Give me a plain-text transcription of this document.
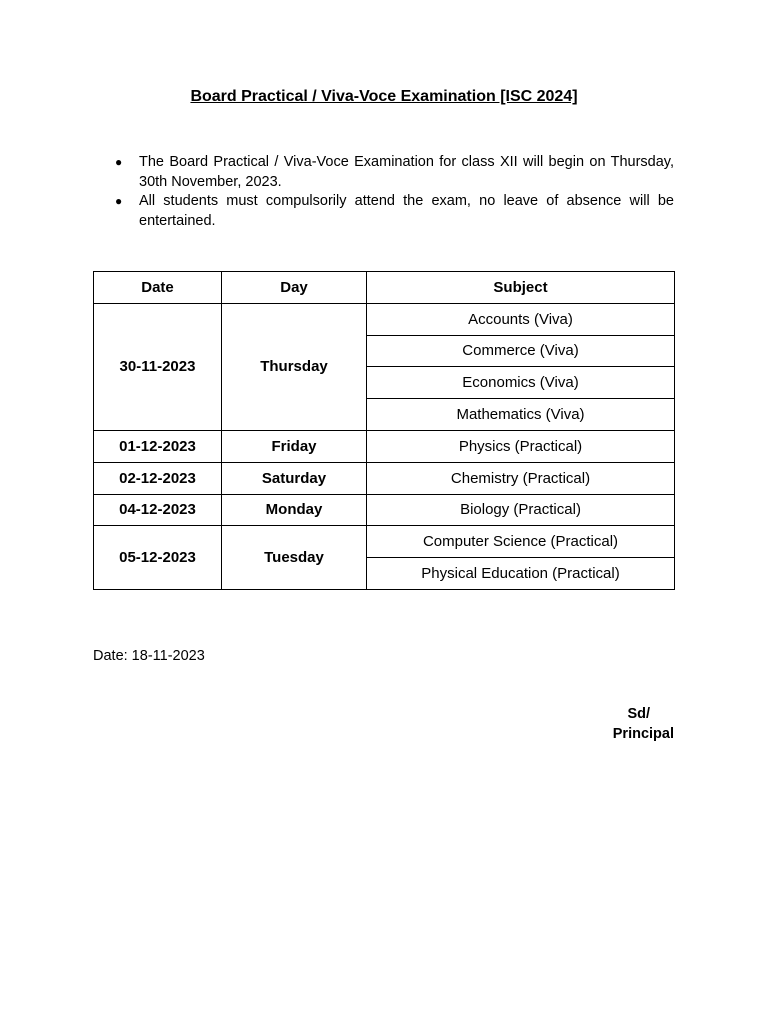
Board Practical / Viva-Voce Examination [ISC 2024]
● The Board Practical / Viva-Voce Examination for class XII will begin on Thursday, 30th November, 2023.
● All students must compulsorily attend the exam, no leave of absence will be entertained.
Date	Day	Subject
30-11-2023	Thursday	Accounts (Viva)
		Commerce (Viva)
		Economics (Viva)
		Mathematics (Viva)
01-12-2023	Friday	Physics (Practical)
02-12-2023	Saturday	Chemistry (Practical)
04-12-2023	Monday	Biology (Practical)
05-12-2023	Tuesday	Computer Science (Practical)
		Physical Education (Practical)
Date: 18-11-2023
Sd/
Principal
